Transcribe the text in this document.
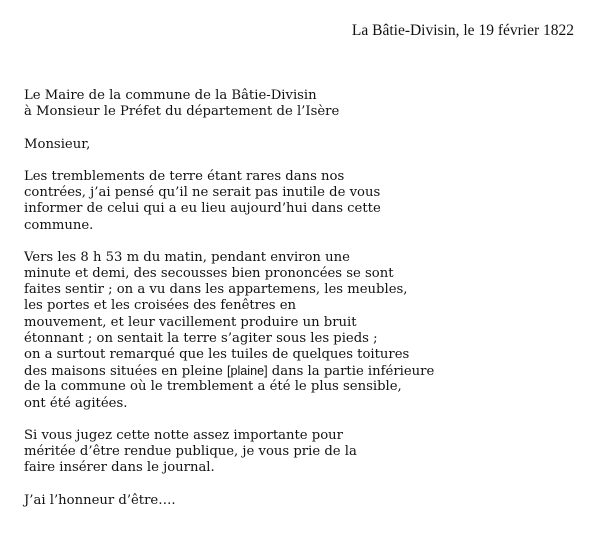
La Bâtie-Divisin, le 19 février 1822
Le Maire de la commune de la Bâtie-Divisin
à Monsieur le Préfet du département de l’Isère
Monsieur,
Les tremblements de terre étant rares dans nos
contrées, j’ai pensé qu’il ne serait pas inutile de vous
informer de celui qui a eu lieu aujourd’hui dans cette
commune.
Vers les 8 h 53 m du matin, pendant environ une
minute et demi, des secousses bien prononcées se sont
faites sentir ; on a vu dans les appartemens, les meubles,
les portes et les croisées des fenêtres en
mouvement, et leur vacillement produire un bruit
étonnant ; on sentait la terre s’agiter sous les pieds ;
on a surtout remarqué que les tuiles de quelques toitures
des maisons situées en pleine [plaine] dans la partie inférieure
de la commune où le tremblement a été le plus sensible,
ont été agitées.
Si vous jugez cette notte assez importante pour
méritée d’être rendue publique, je vous prie de la
faire insérer dans le journal.
J’ai l’honneur d’être….
